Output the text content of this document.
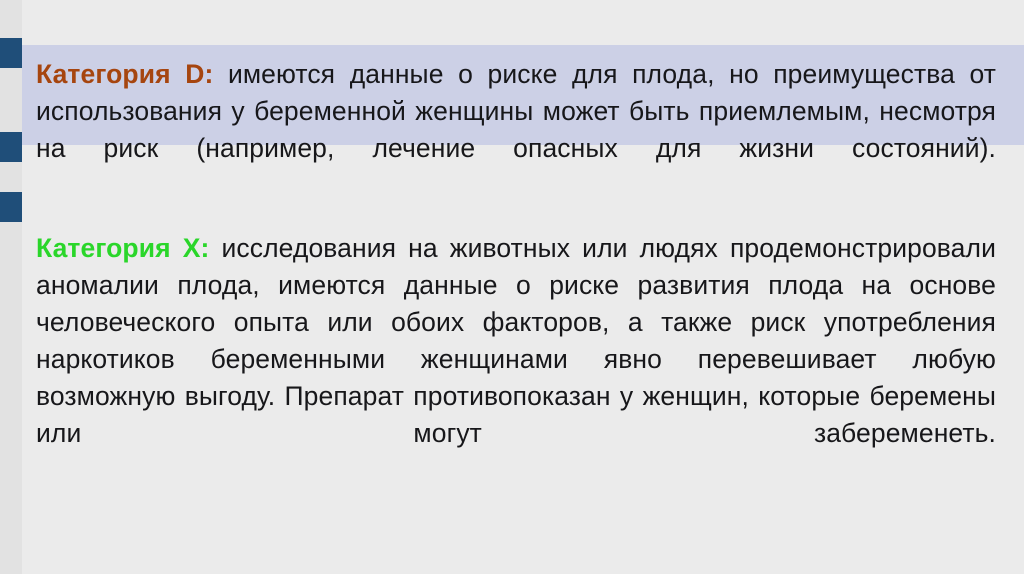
Категория D: имеются данные о риске для плода, но преимущества от использования у беременной женщины может быть приемлемым, несмотря на риск (например, лечение опасных для жизни состояний).

Категория X: исследования на животных или людях продемонстрировали аномалии плода, имеются данные о риске развития плода на основе человеческого опыта или обоих факторов, а также риск употребления наркотиков беременными женщинами явно перевешивает любую возможную выгоду. Препарат противопоказан у женщин, которые беремены или могут забеременеть.
